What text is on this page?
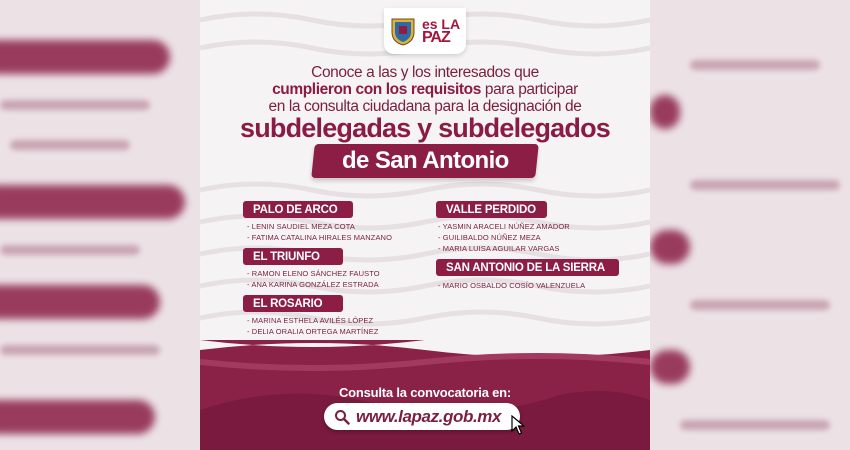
es LA
PAZ
Conoce a las y los interesados que
cumplieron con los requisitos para participar
en la consulta ciudadana para la designación de
subdelegadas y subdelegados
de San Antonio
PALO DE ARCO
- LENIN SAUDIEL MEZA COTA
- FATIMA CATALINA HIRALES MANZANO
EL TRIUNFO
- RAMON ELENO SÁNCHEZ FAUSTO
- ANA KARINA GONZÁLEZ ESTRADA
EL ROSARIO
- MARINA ESTHELA AVILÉS LÓPEZ
- DELIA ORALIA ORTEGA MARTÍNEZ
VALLE PERDIDO
- YASMIN ARACELI NÚÑEZ AMADOR
- GUILIBALDO NÚÑEZ MEZA
- MARIA LUISA AGUILAR VARGAS
SAN ANTONIO DE LA SIERRA
- MARIO OSBALDO COSÍO VALENZUELA
Consulta la convocatoria en:
www.lapaz.gob.mx
